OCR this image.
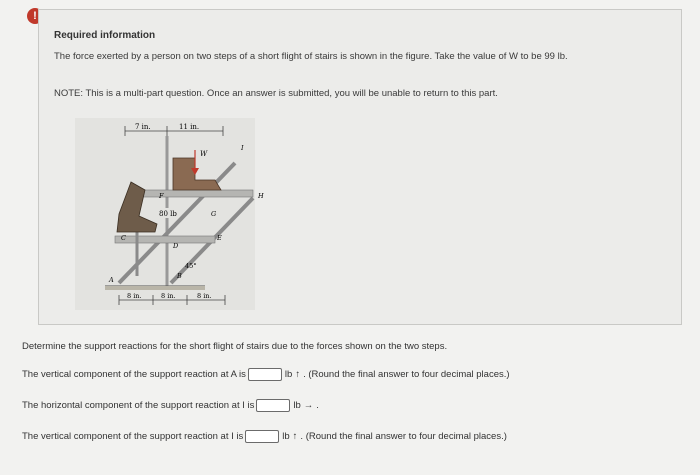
!
Required information
The force exerted by a person on two steps of a short flight of stairs is shown in the figure. Take the value of W to be 99 lb.
NOTE: This is a multi-part question. Once an answer is submitted, you will be unable to return to this part.
7 in.	11 in.
W
80 lb
F
G
H
I
C
D
E
A	B
45°
8 in.	8 in.	8 in.
Determine the support reactions for the short flight of stairs due to the forces shown on the two steps.
The vertical component of the support reaction at A is	lb ↑ . (Round the final answer to four decimal places.)
The horizontal component of the support reaction at I is	lb → .
The vertical component of the support reaction at I is	lb ↑ . (Round the final answer to four decimal places.)
